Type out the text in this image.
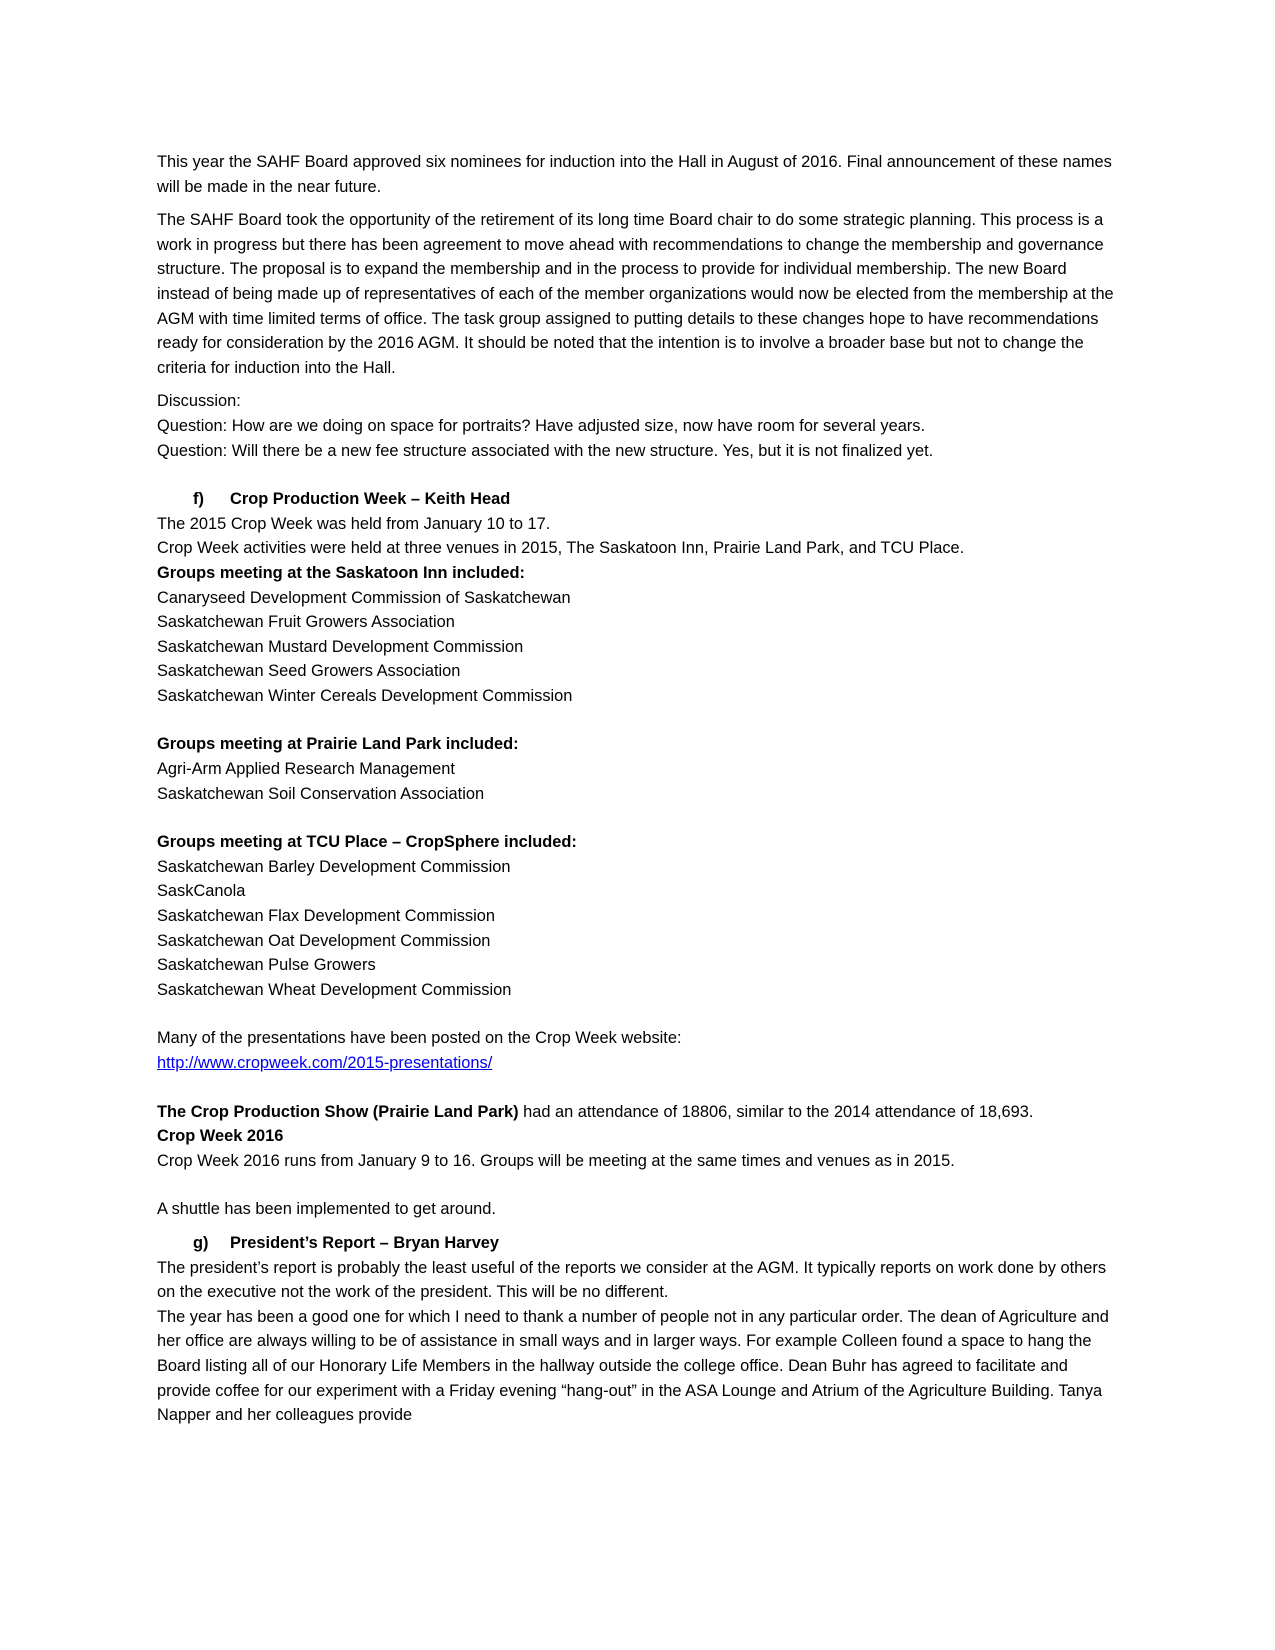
This year the SAHF Board approved six nominees for induction into the Hall in August of 2016. Final announcement of these names will be made in the near future.

The SAHF Board took the opportunity of the retirement of its long time Board chair to do some strategic planning. This process is a work in progress but there has been agreement to move ahead with recommendations to change the membership and governance structure. The proposal is to expand the membership and in the process to provide for individual membership. The new Board instead of being made up of representatives of each of the member organizations would now be elected from the membership at the AGM with time limited terms of office. The task group assigned to putting details to these changes hope to have recommendations ready for consideration by the 2016 AGM. It should be noted that the intention is to involve a broader base but not to change the criteria for induction into the Hall.

Discussion:

Question: How are we doing on space for portraits? Have adjusted size, now have room for several years.

Question: Will there be a new fee structure associated with the new structure. Yes, but it is not finalized yet.

f) Crop Production Week – Keith Head

The 2015 Crop Week was held from January 10 to 17.

Crop Week activities were held at three venues in 2015, The Saskatoon Inn, Prairie Land Park, and TCU Place.

Groups meeting at the Saskatoon Inn included:

Canaryseed Development Commission of Saskatchewan

Saskatchewan Fruit Growers Association

Saskatchewan Mustard Development Commission

Saskatchewan Seed Growers Association

Saskatchewan Winter Cereals Development Commission

Groups meeting at Prairie Land Park included:

Agri-Arm Applied Research Management

Saskatchewan Soil Conservation Association

Groups meeting at TCU Place – CropSphere included:

Saskatchewan Barley Development Commission

SaskCanola

Saskatchewan Flax Development Commission

Saskatchewan Oat Development Commission

Saskatchewan Pulse Growers

Saskatchewan Wheat Development Commission

Many of the presentations have been posted on the Crop Week website:

http://www.cropweek.com/2015-presentations/

The Crop Production Show (Prairie Land Park) had an attendance of 18806, similar to the 2014 attendance of 18,693.

Crop Week 2016

Crop Week 2016 runs from January 9 to 16. Groups will be meeting at the same times and venues as in 2015.

A shuttle has been implemented to get around.

g) President’s Report – Bryan Harvey

The president’s report is probably the least useful of the reports we consider at the AGM. It typically reports on work done by others on the executive not the work of the president. This will be no different.

The year has been a good one for which I need to thank a number of people not in any particular order. The dean of Agriculture and her office are always willing to be of assistance in small ways and in larger ways. For example Colleen found a space to hang the Board listing all of our Honorary Life Members in the hallway outside the college office. Dean Buhr has agreed to facilitate and provide coffee for our experiment with a Friday evening “hang-out” in the ASA Lounge and Atrium of the Agriculture Building. Tanya Napper and her colleagues provide
